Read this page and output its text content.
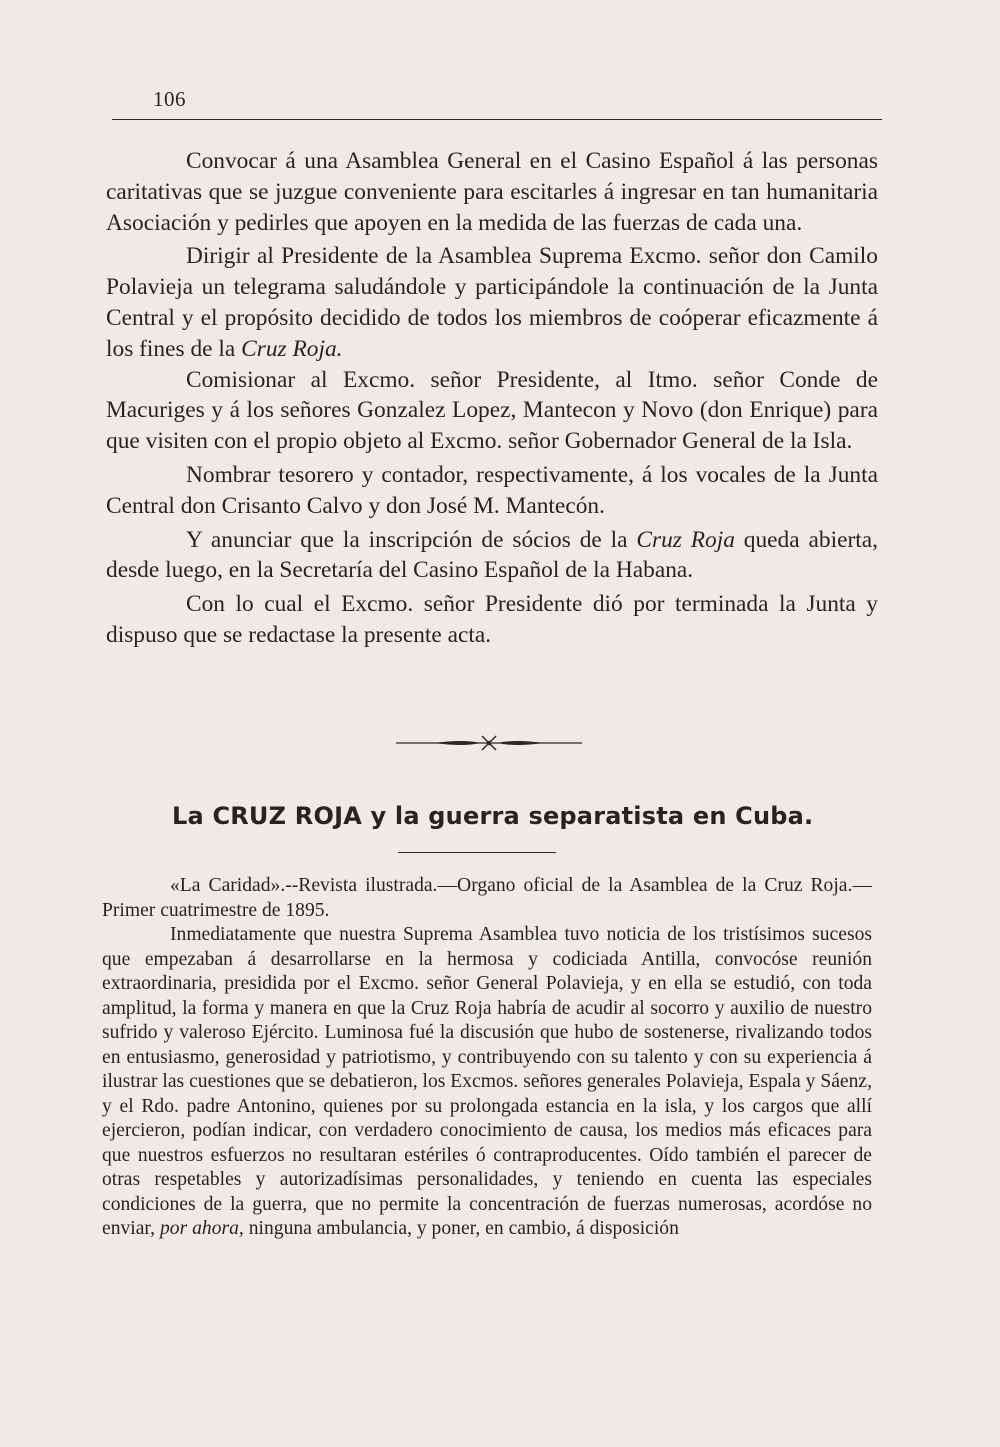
106

Convocar á una Asamblea General en el Casino Español á las personas caritativas que se juzgue conveniente para escitarles á ingresar en tan humanitaria Asociación y pedirles que apoyen en la medida de las fuerzas de cada una.

Dirigir al Presidente de la Asamblea Suprema Excmo. señor don Camilo Polavieja un telegrama saludándole y participándole la continuación de la Junta Central y el propósito decidido de todos los miembros de coóperar eficazmente á los fines de la Cruz Roja.

Comisionar al Excmo. señor Presidente, al Itmo. señor Conde de Macuriges y á los señores Gonzalez Lopez, Mantecon y Novo (don Enrique) para que visiten con el propio objeto al Excmo. señor Gobernador General de la Isla.

Nombrar tesorero y contador, respectivamente, á los vocales de la Junta Central don Crisanto Calvo y don José M. Mantecón.

Y anunciar que la inscripción de sócios de la Cruz Roja queda abierta, desde luego, en la Secretaría del Casino Español de la Habana.

Con lo cual el Excmo. señor Presidente dió por terminada la Junta y dispuso que se redactase la presente acta.

La CRUZ ROJA y la guerra separatista en Cuba.

«La Caridad».--Revista ilustrada.—Organo oficial de la Asamblea de la Cruz Roja.—Primer cuatrimestre de 1895.

Inmediatamente que nuestra Suprema Asamblea tuvo noticia de los tristísimos sucesos que empezaban á desarrollarse en la hermosa y codiciada Antilla, convocóse reunión extraordinaria, presidida por el Excmo. señor General Polavieja, y en ella se estudió, con toda amplitud, la forma y manera en que la Cruz Roja habría de acudir al socorro y auxilio de nuestro sufrido y valeroso Ejército. Luminosa fué la discusión que hubo de sostenerse, rivalizando todos en entusiasmo, generosidad y patriotismo, y contribuyendo con su talento y con su experiencia á ilustrar las cuestiones que se debatieron, los Excmos. señores generales Polavieja, Espala y Sáenz, y el Rdo. padre Antonino, quienes por su prolongada estancia en la isla, y los cargos que allí ejercieron, podían indicar, con verdadero conocimiento de causa, los medios más eficaces para que nuestros esfuerzos no resultaran estériles ó contraproducentes. Oído también el parecer de otras respetables y autorizadísimas personalidades, y teniendo en cuenta las especiales condiciones de la guerra, que no permite la concentración de fuerzas numerosas, acordóse no enviar, por ahora, ninguna ambulancia, y poner, en cambio, á disposición
